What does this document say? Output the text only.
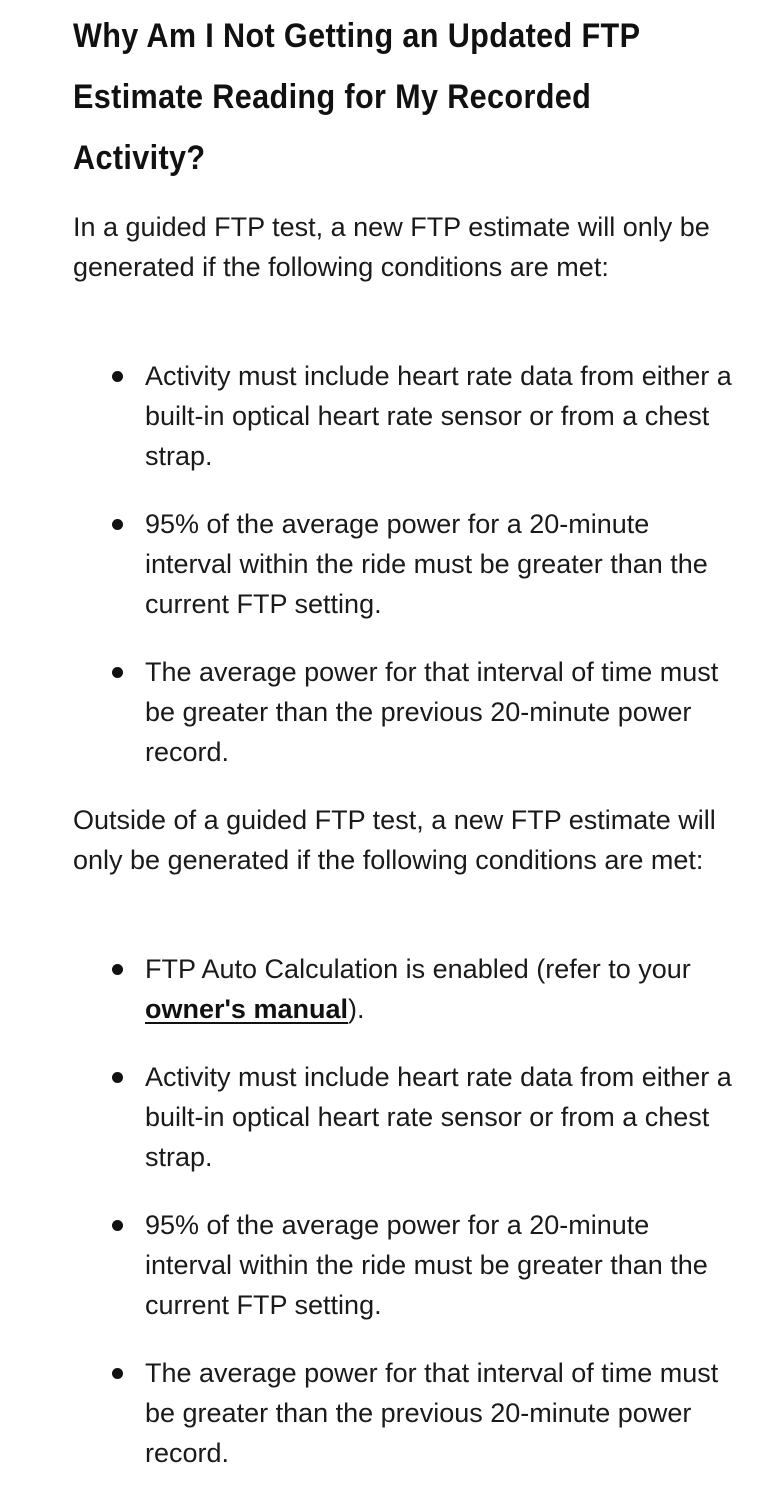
Why Am I Not Getting an Updated FTP Estimate Reading for My Recorded Activity?

In a guided FTP test, a new FTP estimate will only be generated if the following conditions are met:

Activity must include heart rate data from either a built-in optical heart rate sensor or from a chest strap.
95% of the average power for a 20-minute interval within the ride must be greater than the current FTP setting.
The average power for that interval of time must be greater than the previous 20-minute power record.

Outside of a guided FTP test, a new FTP estimate will only be generated if the following conditions are met:

FTP Auto Calculation is enabled (refer to your owner's manual).
Activity must include heart rate data from either a built-in optical heart rate sensor or from a chest strap.
95% of the average power for a 20-minute interval within the ride must be greater than the current FTP setting.
The average power for that interval of time must be greater than the previous 20-minute power record.
